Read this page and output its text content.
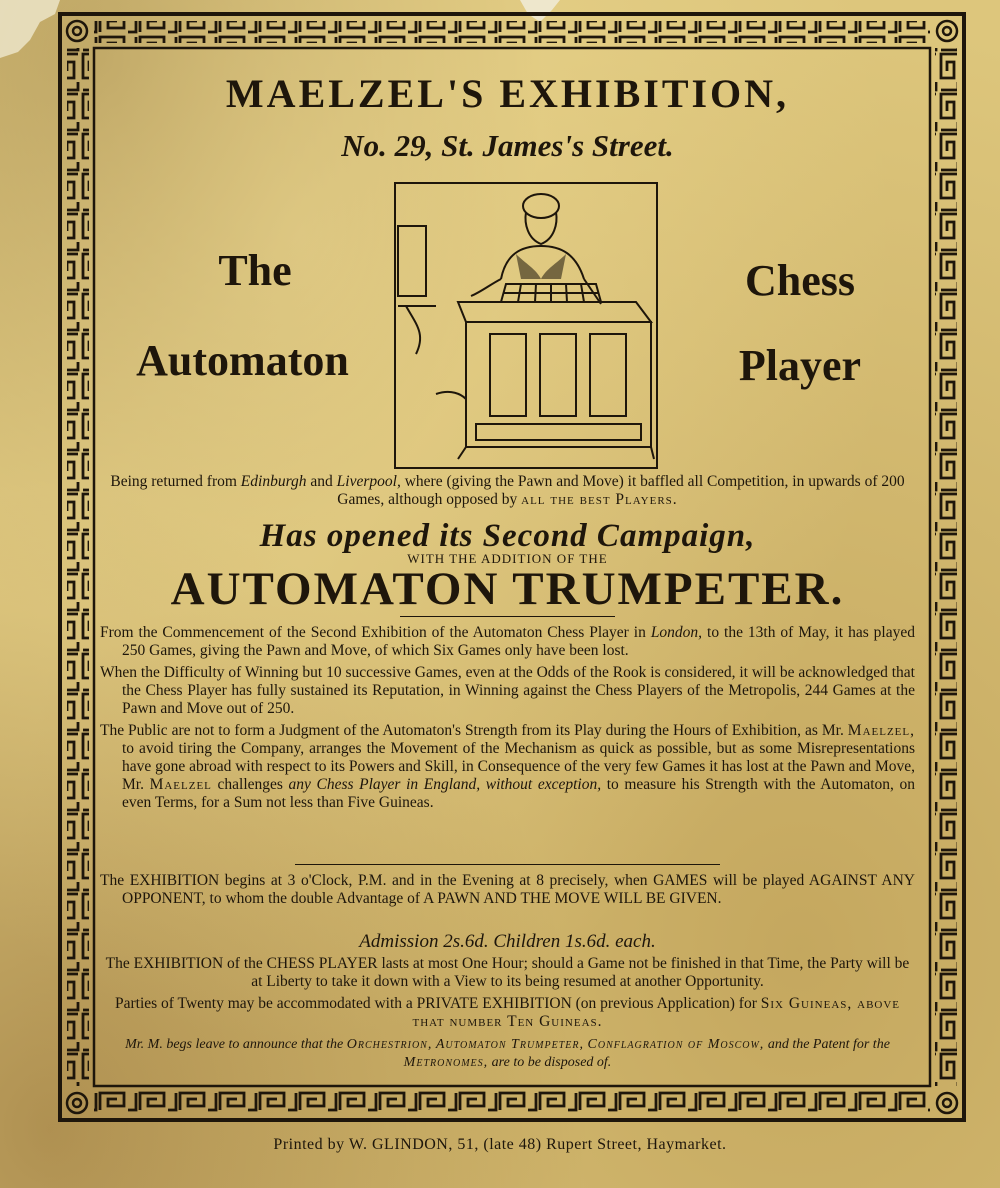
MAELZEL'S EXHIBITION,
No. 29, St. James's Street.
The
Automaton
Chess
Player
Being returned from Edinburgh and Liverpool, where (giving the Pawn and Move) it baffled all Competition, in upwards of 200 Games, although opposed by all the best Players.
Has opened its Second Campaign,
WITH THE ADDITION OF THE
AUTOMATON TRUMPETER.

From the Commencement of the Second Exhibition of the Automaton Chess Player in London, to the 13th of May, it has played 250 Games, giving the Pawn and Move, of which Six Games only have been lost.

When the Difficulty of Winning but 10 successive Games, even at the Odds of the Rook is considered, it will be acknowledged that the Chess Player has fully sustained its Reputation, in Winning against the Chess Players of the Metropolis, 244 Games at the Pawn and Move out of 250.

The Public are not to form a Judgment of the Automaton's Strength from its Play during the Hours of Exhibition, as Mr. Maelzel, to avoid tiring the Company, arranges the Movement of the Mechanism as quick as possible, but as some Misrepresentations have gone abroad with respect to its Powers and Skill, in Consequence of the very few Games it has lost at the Pawn and Move, Mr. Maelzel challenges any Chess Player in England, without exception, to measure his Strength with the Automaton, on even Terms, for a Sum not less than Five Guineas.

The EXHIBITION begins at 3 o'Clock, P.M. and in the Evening at 8 precisely, when GAMES will be played AGAINST ANY OPPONENT, to whom the double Advantage of A PAWN AND THE MOVE WILL BE GIVEN.

Admission 2s.6d. Children 1s.6d. each.

The EXHIBITION of the CHESS PLAYER lasts at most One Hour; should a Game not be finished in that Time, the Party will be at Liberty to take it down with a View to its being resumed at another Opportunity.

Parties of Twenty may be accommodated with a PRIVATE EXHIBITION (on previous Application) for Six Guineas, above that number Ten Guineas.

Mr. M. begs leave to announce that the Orchestrion, Automaton Trumpeter, Conflagration of Moscow, and the Patent for the Metronomes, are to be disposed of.
Printed by W. GLINDON, 51, (late 48) Rupert Street, Haymarket.
